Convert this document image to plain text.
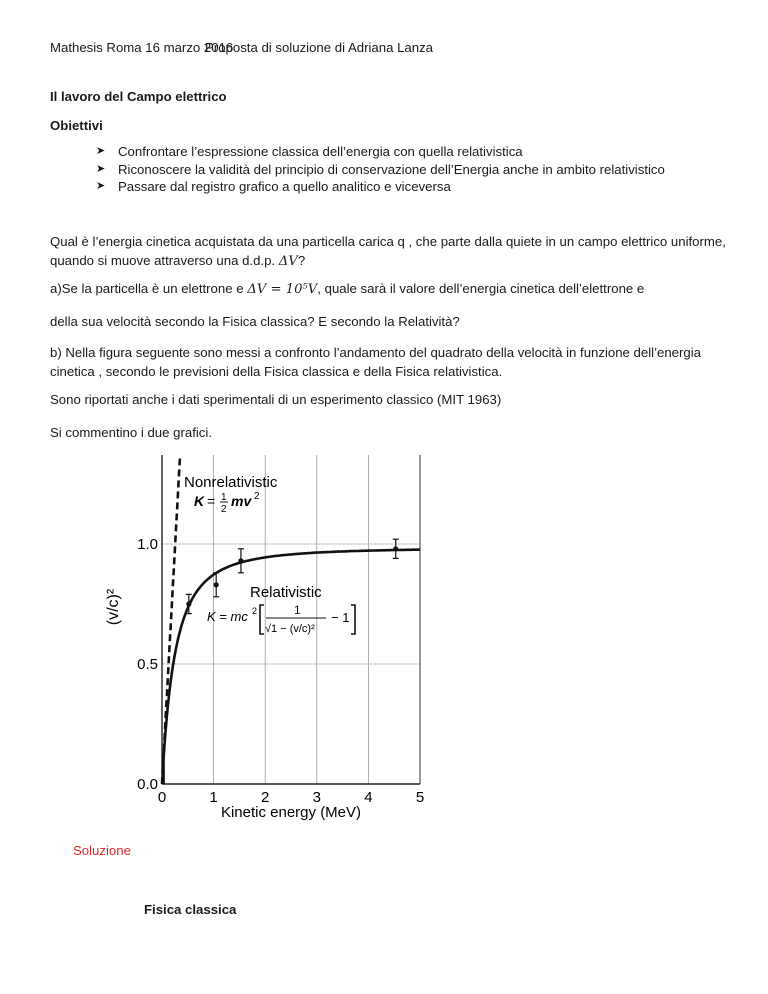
Mathesis Roma 16 marzo 2016
Proposta di soluzione di Adriana Lanza
Il lavoro del Campo elettrico
Obiettivi
➤ Confrontare l’espressione classica dell’energia con quella relativistica
➤ Riconoscere la validità del principio di conservazione dell’Energia anche in ambito relativistico
➤ Passare dal registro grafico a quello analitico e viceversa
Qual è l’energia cinetica acquistata da una particella carica q , che parte dalla quiete in un campo elettrico uniforme, quando si muove attraverso una d.d.p. ΔV?
a)Se la particella è un elettrone e ΔV = 10⁵V, quale sarà il valore dell’energia cinetica dell’elettrone e
della sua velocità secondo la Fisica classica? E secondo la Relatività?
b) Nella figura seguente sono messi a confronto l’andamento del quadrato della velocità in funzione dell’energia cinetica , secondo le previsioni della Fisica classica e della Fisica relativistica.
Sono riportati anche i dati sperimentali di un esperimento classico (MIT 1963)
Si commentino i due grafici.
Nonrelativistic
K = 1
2
mv 2
Relativistic
K = mc 2	1
√1 − (v/c)²
− 1
(v/c)²
Kinetic energy (MeV)
0	1	2	3	4	5
0.0
0.5
1.0
Soluzione
Fisica classica
